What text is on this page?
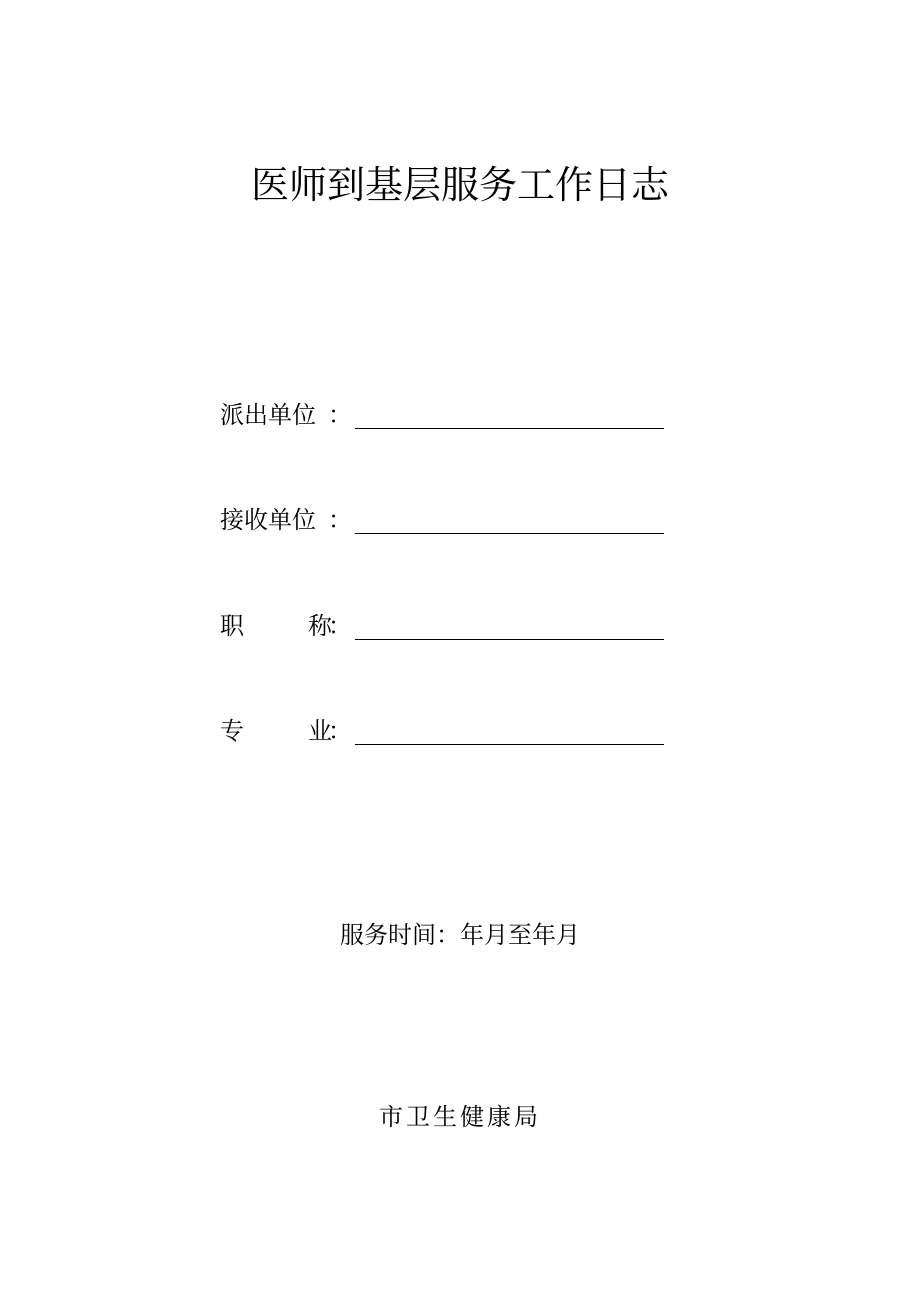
医师到基层服务工作日志
派出单位 ：
接收单位 ：
职	称
：
专	业
：
服务时间：年月至年月
市卫生健康局
